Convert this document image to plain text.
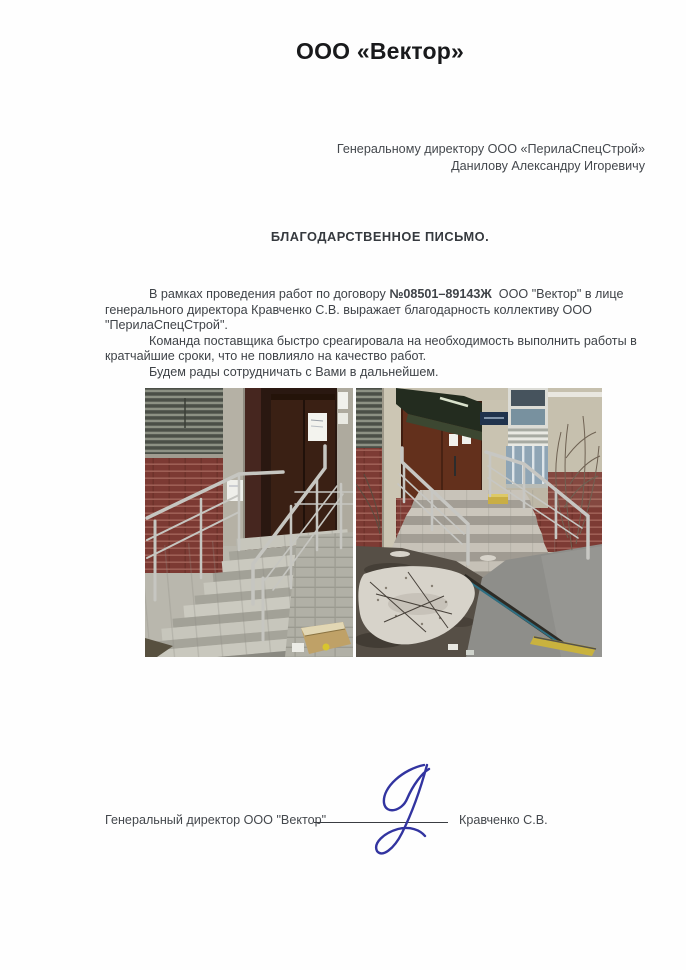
ООО «Вектор»
Генеральному директору ООО «ПерилаСпецСтрой»
Данилову Александру Игоревичу
БЛАГОДАРСТВЕННОЕ ПИСЬМО.
В рамках проведения работ по договору №08501–89143Ж  ООО "Вектор" в лице
генерального директора Кравченко С.В. выражает благодарность коллективу ООО
"ПерилаСпецСтрой".
Команда поставщика быстро среагировала на необходимость выполнить работы в
кратчайшие сроки, что не повлияло на качество работ.
Будем рады сотрудничать с Вами в дальнейшем.
Генеральный директор ООО "Вектор"	Кравченко С.В.
